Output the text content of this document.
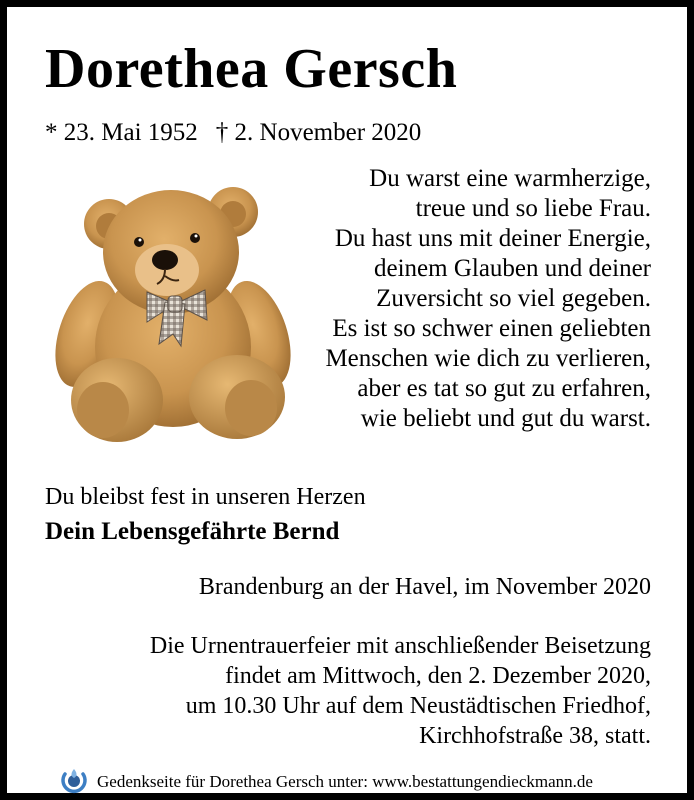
Dorethea Gersch
* 23. Mai 1952 † 2. November 2020
Du warst eine warmherzige,
treue und so liebe Frau.
Du hast uns mit deiner Energie,
deinem Glauben und deiner
Zuversicht so viel gegeben.
Es ist so schwer einen geliebten
Menschen wie dich zu verlieren,
aber es tat so gut zu erfahren,
wie beliebt und gut du warst.
Du bleibst fest in unseren Herzen
Dein Lebensgefährte Bernd
Brandenburg an der Havel, im November 2020
Die Urnentrauerfeier mit anschließender Beisetzung
findet am Mittwoch, den 2. Dezember 2020,
um 10.30 Uhr auf dem Neustädtischen Friedhof,
Kirchhofstraße 38, statt.
Gedenkseite für Dorethea Gersch unter: www.bestattungendieckmann.de
